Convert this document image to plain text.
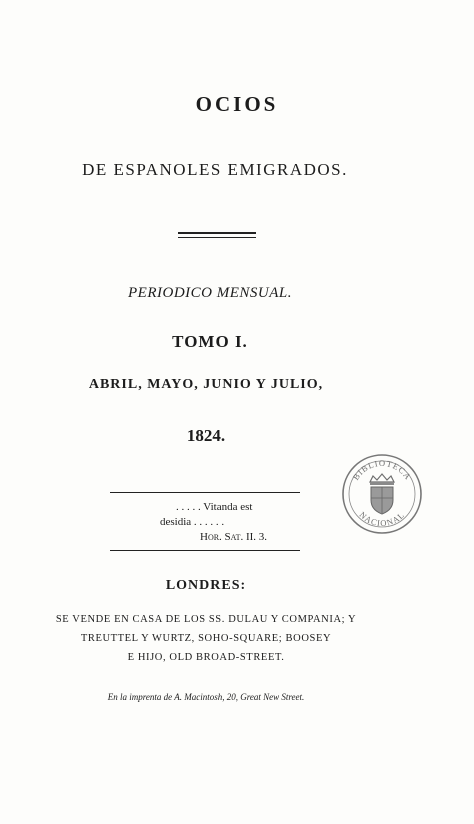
OCIOS
DE ESPANOLES EMIGRADOS.
PERIODICO MENSUAL.
TOMO I.
ABRIL, MAYO, JUNIO Y JULIO,
1824.
. . . . . Vitanda est
desidia . . . . . .
Hor. Sat. II. 3.
LONDRES:
SE VENDE EN CASA DE LOS SS. DULAU Y COMPANIA; Y
TREUTTEL Y WURTZ, SOHO-SQUARE; BOOSEY
E HIJO, OLD BROAD-STREET.
En la imprenta de A. Macintosh, 20, Great New Street.
BIBLIOTECA
NACIONAL
